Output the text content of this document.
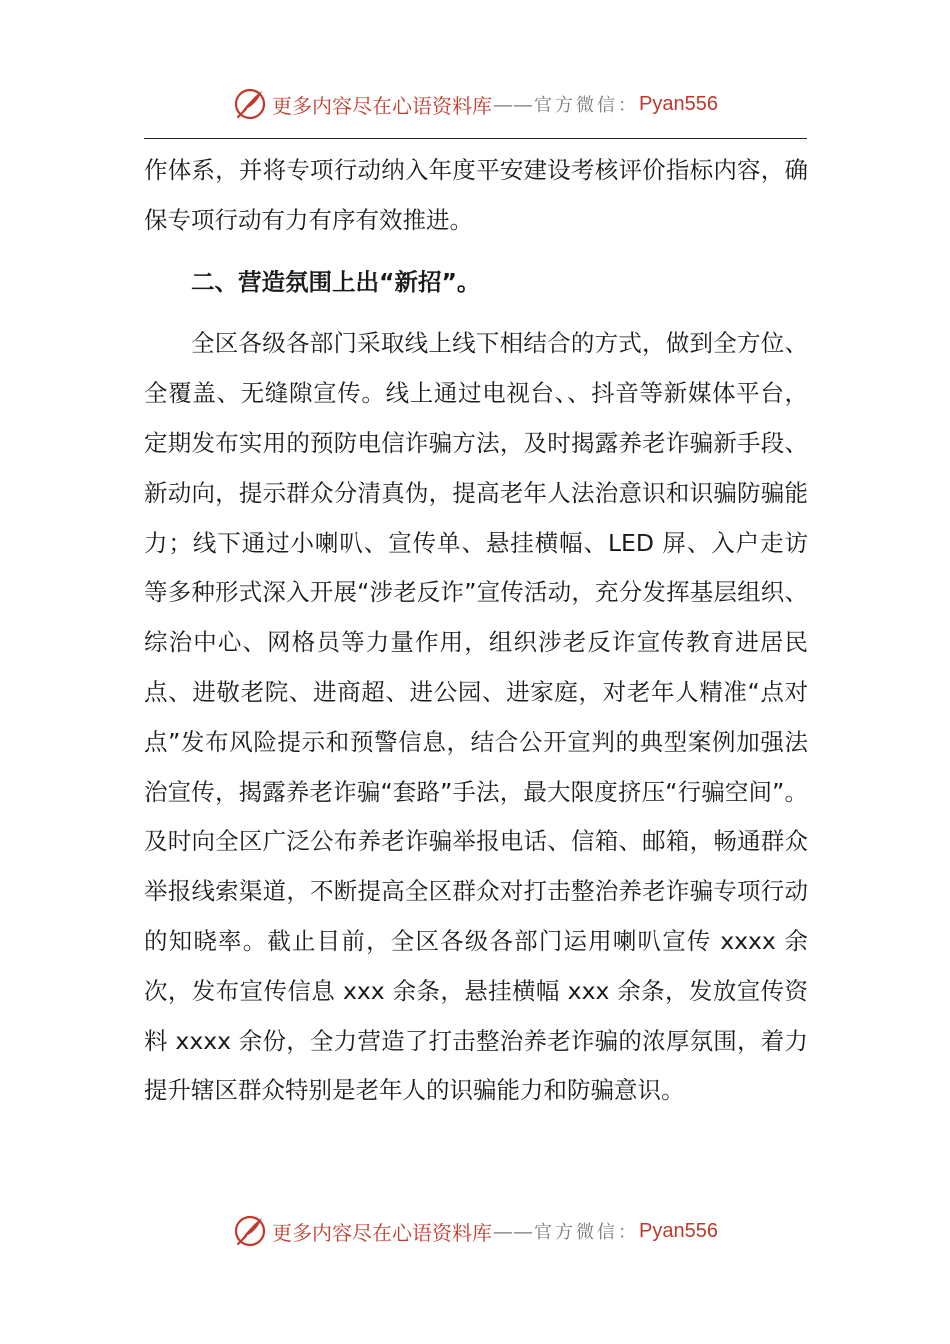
更多内容尽在心语资料库 —— 官方微信： Pyan556

作体系，并将专项行动纳入年度平安建设考核评价指标内容，确保专项行动有力有序有效推进。

二、营造氛围上出“新招”。

全区各级各部门采取线上线下相结合的方式，做到全方位、全覆盖、无缝隙宣传。线上通过电视台、、抖音等新媒体平台，定期发布实用的预防电信诈骗方法，及时揭露养老诈骗新手段、新动向，提示群众分清真伪，提高老年人法治意识和识骗防骗能力；线下通过小喇叭、宣传单、悬挂横幅、LED 屏、入户走访等多种形式深入开展“涉老反诈”宣传活动，充分发挥基层组织、综治中心、网格员等力量作用，组织涉老反诈宣传教育进居民点、进敬老院、进商超、进公园、进家庭，对老年人精准“点对点”发布风险提示和预警信息，结合公开宣判的典型案例加强法治宣传，揭露养老诈骗“套路”手法，最大限度挤压“行骗空间”。及时向全区广泛公布养老诈骗举报电话、信箱、邮箱，畅通群众举报线索渠道，不断提高全区群众对打击整治养老诈骗专项行动的知晓率。截止目前，全区各级各部门运用喇叭宣传 xxxx 余次，发布宣传信息 xxx 余条，悬挂横幅 xxx 余条，发放宣传资料 xxxx 余份，全力营造了打击整治养老诈骗的浓厚氛围，着力提升辖区群众特别是老年人的识骗能力和防骗意识。

更多内容尽在心语资料库 —— 官方微信： Pyan556
